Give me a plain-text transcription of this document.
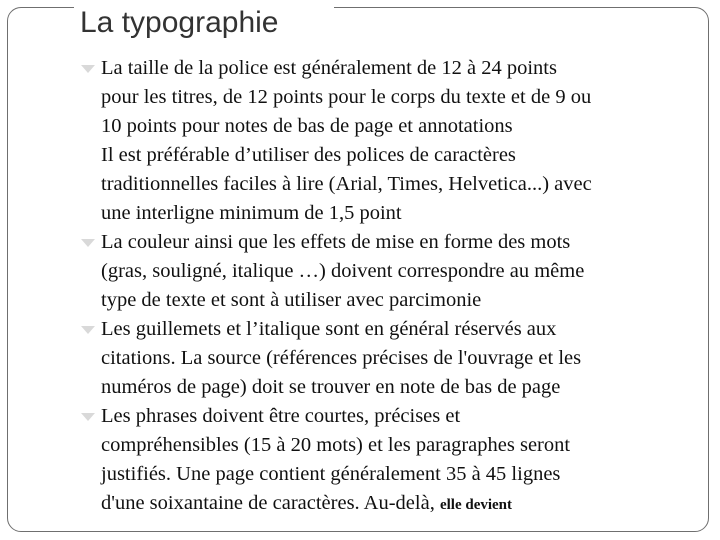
La typographie
La taille de la police est généralement de 12 à 24 points
pour les titres, de 12 points pour le corps du texte et de 9 ou
10 points pour notes de bas de page et annotations
Il est préférable d’utiliser des polices de caractères
traditionnelles faciles à lire (Arial, Times, Helvetica...) avec
une interligne minimum de 1,5 point
La couleur ainsi que les effets de mise en forme des mots
(gras, souligné, italique …) doivent correspondre au même
type de texte et sont à utiliser avec parcimonie
Les guillemets et l’italique sont en général réservés aux
citations. La source (références précises de l'ouvrage et les
numéros de page) doit se trouver en note de bas de page
Les phrases doivent être courtes, précises et
compréhensibles (15 à 20 mots) et les paragraphes seront
justifiés. Une page contient généralement 35 à 45 lignes
d'une soixantaine de caractères. Au-delà, elle devient
